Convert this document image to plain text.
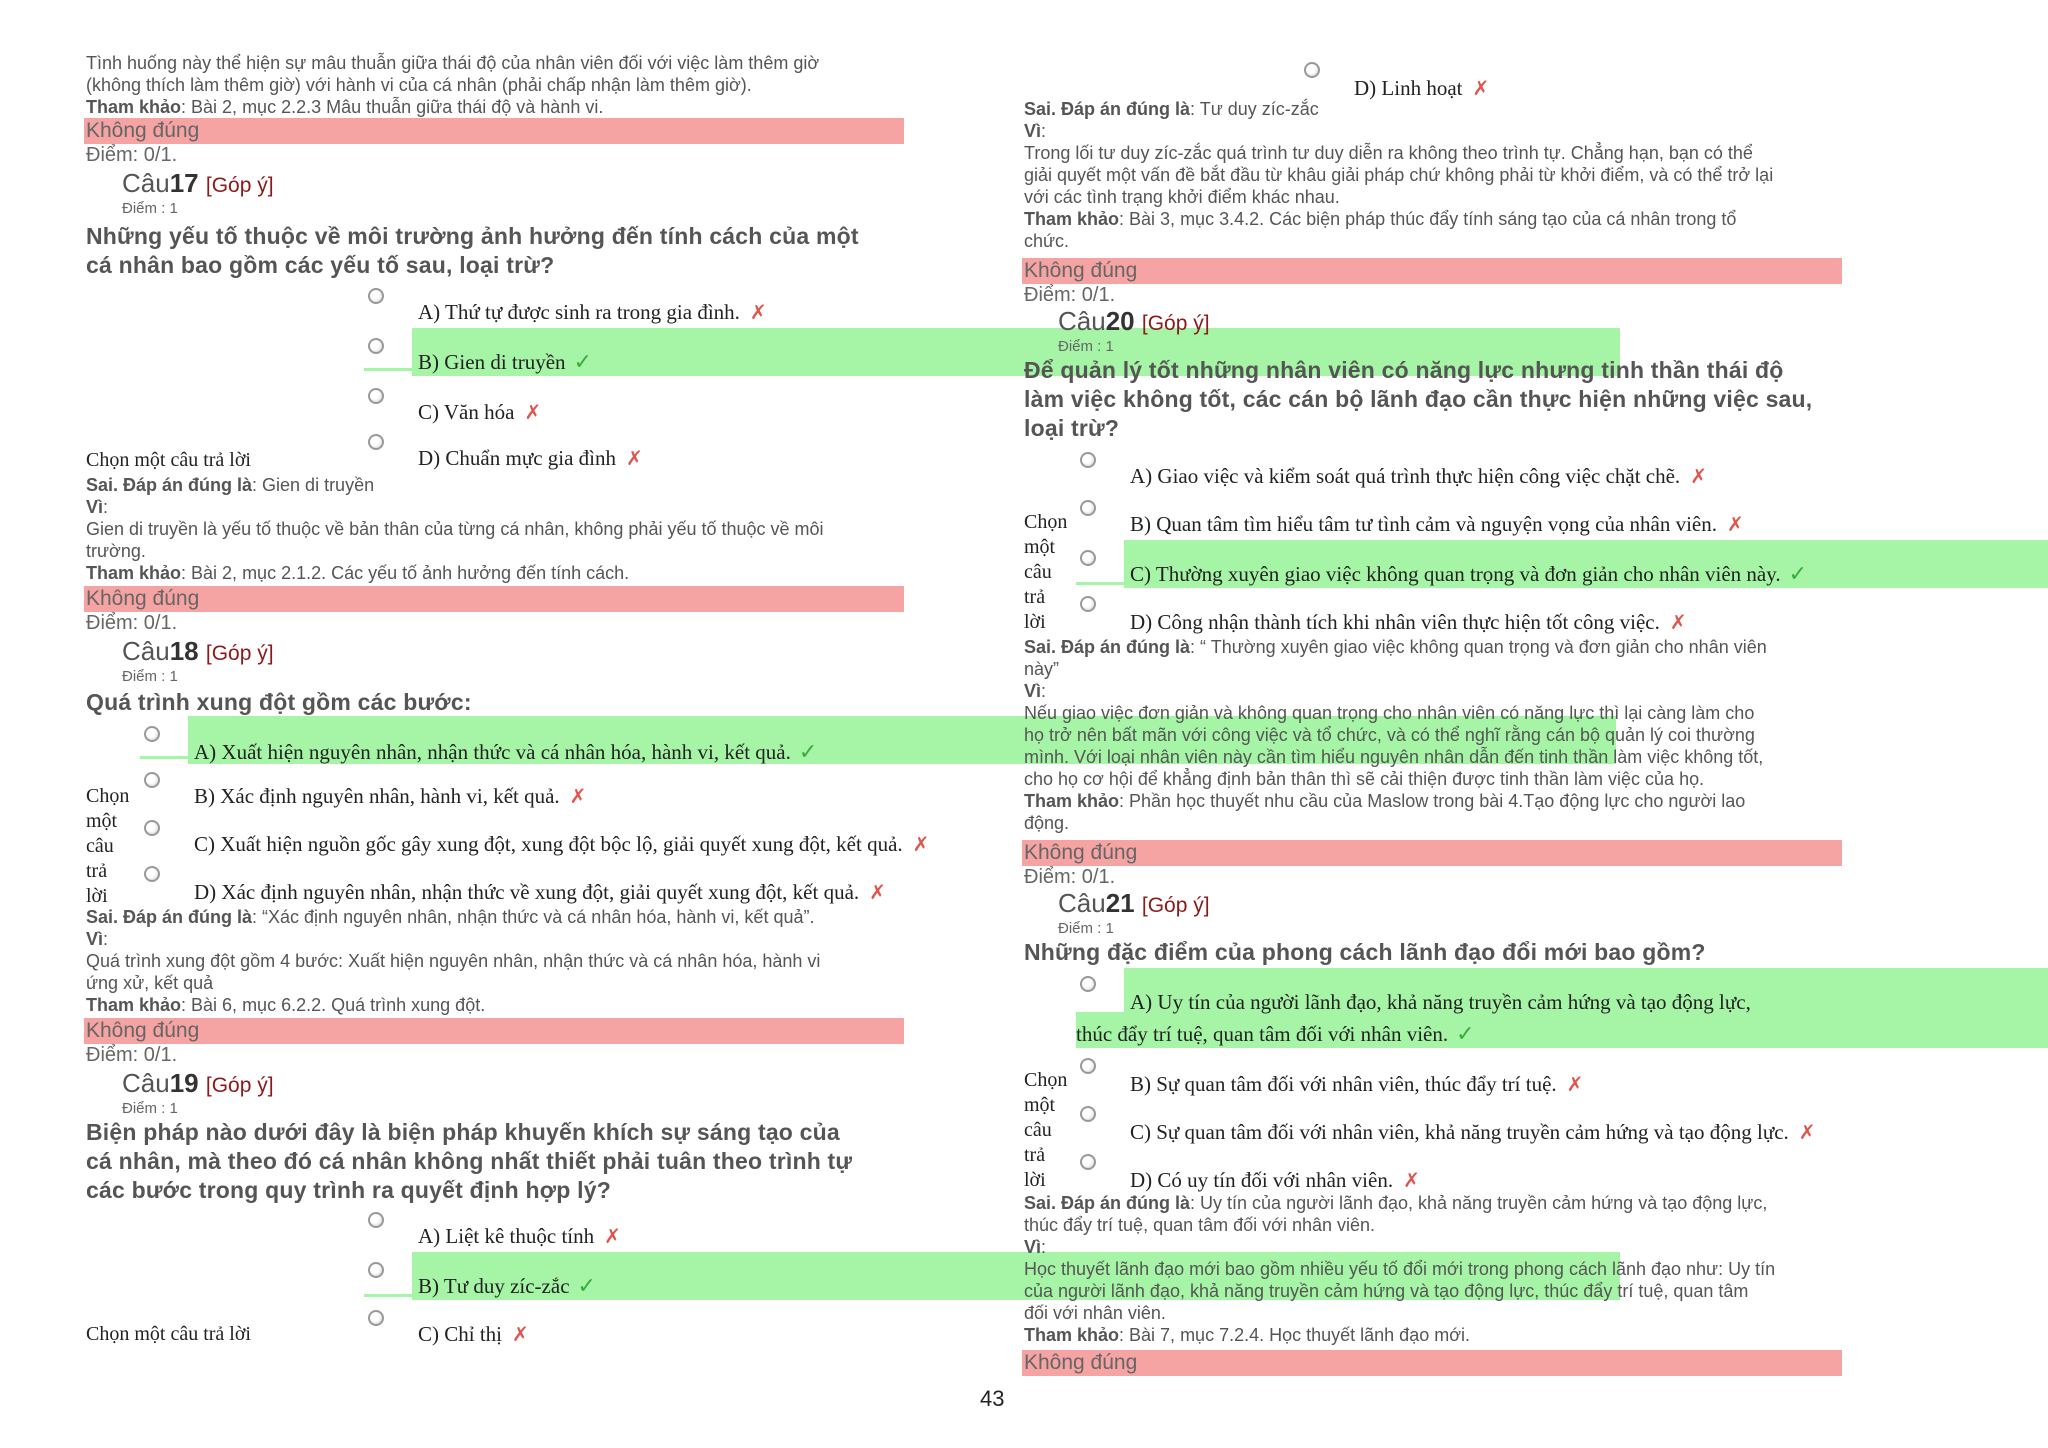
Tình huống này thể hiện sự mâu thuẫn giữa thái độ của nhân viên đối với việc làm thêm giờ
(không thích làm thêm giờ) với hành vi của cá nhân (phải chấp nhận làm thêm giờ).
Tham khảo: Bài 2, mục 2.2.3 Mâu thuẫn giữa thái độ và hành vi.
Không đúng
Điểm: 0/1.
Câu17 [Góp ý]
Điểm : 1
Những yếu tố thuộc về môi trường ảnh hưởng đến tính cách của một
cá nhân bao gồm các yếu tố sau, loại trừ?
A) Thứ tự được sinh ra trong gia đình. ✗
B) Gien di truyền ✓
C) Văn hóa ✗
Chọn một câu trả lời	D) Chuẩn mực gia đình ✗
Sai. Đáp án đúng là: Gien di truyền
Vì:
Gien di truyền là yếu tố thuộc về bản thân của từng cá nhân, không phải yếu tố thuộc về môi
trường.
Tham khảo: Bài 2, mục 2.1.2. Các yếu tố ảnh hưởng đến tính cách.
Không đúng
Điểm: 0/1.
Câu18 [Góp ý]
Điểm : 1
Quá trình xung đột gồm các bước:
A) Xuất hiện nguyên nhân, nhận thức và cá nhân hóa, hành vi, kết quả. ✓
Chọn
một
câu
trả
lời
B) Xác định nguyên nhân, hành vi, kết quả. ✗
C) Xuất hiện nguồn gốc gây xung đột, xung đột bộc lộ, giải quyết xung đột, kết quả. ✗
D) Xác định nguyên nhân, nhận thức về xung đột, giải quyết xung đột, kết quả. ✗
Sai. Đáp án đúng là: “Xác định nguyên nhân, nhận thức và cá nhân hóa, hành vi, kết quả”.
Vì:
Quá trình xung đột gồm 4 bước: Xuất hiện nguyên nhân, nhận thức và cá nhân hóa, hành vi
ứng xử, kết quả
Tham khảo: Bài 6, mục 6.2.2. Quá trình xung đột.
Không đúng
Điểm: 0/1.
Câu19 [Góp ý]
Điểm : 1
Biện pháp nào dưới đây là biện pháp khuyến khích sự sáng tạo của
cá nhân, mà theo đó cá nhân không nhất thiết phải tuân theo trình tự
các bước trong quy trình ra quyết định hợp lý?
A) Liệt kê thuộc tính ✗
B) Tư duy zíc-zắc ✓
Chọn một câu trả lời	C) Chỉ thị ✗
43
D) Linh hoạt ✗
Sai. Đáp án đúng là: Tư duy zíc-zắc
Vì:
Trong lối tư duy zíc-zắc quá trình tư duy diễn ra không theo trình tự. Chẳng hạn, bạn có thể
giải quyết một vấn đề bắt đầu từ khâu giải pháp chứ không phải từ khởi điểm, và có thể trở lại
với các tình trạng khởi điểm khác nhau.
Tham khảo: Bài 3, mục 3.4.2. Các biện pháp thúc đẩy tính sáng tạo của cá nhân trong tổ
chức.
Không đúng
Điểm: 0/1.
Câu20 [Góp ý]
Điểm : 1
Để quản lý tốt những nhân viên có năng lực nhưng tinh thần thái độ
làm việc không tốt, các cán bộ lãnh đạo cần thực hiện những việc sau,
loại trừ?
A) Giao việc và kiểm soát quá trình thực hiện công việc chặt chẽ. ✗
Chọn
một
câu
trả
lời
B) Quan tâm tìm hiểu tâm tư tình cảm và nguyện vọng của nhân viên. ✗
C) Thường xuyên giao việc không quan trọng và đơn giản cho nhân viên này. ✓
D) Công nhận thành tích khi nhân viên thực hiện tốt công việc. ✗
Sai. Đáp án đúng là: “ Thường xuyên giao việc không quan trọng và đơn giản cho nhân viên
này”
Vì:
Nếu giao việc đơn giản và không quan trọng cho nhân viên có năng lực thì lại càng làm cho
họ trở nên bất mãn với công việc và tổ chức, và có thể nghĩ rằng cán bộ quản lý coi thường
mình. Với loại nhân viên này cần tìm hiểu nguyên nhân dẫn đến tinh thần làm việc không tốt,
cho họ cơ hội để khẳng định bản thân thì sẽ cải thiện được tinh thần làm việc của họ.
Tham khảo: Phần học thuyết nhu cầu của Maslow trong bài 4.Tạo động lực cho người lao
động.
Không đúng
Điểm: 0/1.
Câu21 [Góp ý]
Điểm : 1
Những đặc điểm của phong cách lãnh đạo đổi mới bao gồm?
A) Uy tín của người lãnh đạo, khả năng truyền cảm hứng và tạo động lực,
thúc đẩy trí tuệ, quan tâm đối với nhân viên. ✓
Chọn
một
câu
trả
lời
B) Sự quan tâm đối với nhân viên, thúc đẩy trí tuệ. ✗
C) Sự quan tâm đối với nhân viên, khả năng truyền cảm hứng và tạo động lực. ✗
D) Có uy tín đối với nhân viên. ✗
Sai. Đáp án đúng là: Uy tín của người lãnh đạo, khả năng truyền cảm hứng và tạo động lực,
thúc đẩy trí tuệ, quan tâm đối với nhân viên.
Vì:
Học thuyết lãnh đạo mới bao gồm nhiều yếu tố đổi mới trong phong cách lãnh đạo như: Uy tín
của người lãnh đạo, khả năng truyền cảm hứng và tạo động lực, thúc đẩy trí tuệ, quan tâm
đối với nhân viên.
Tham khảo: Bài 7, mục 7.2.4. Học thuyết lãnh đạo mới.
Không đúng
